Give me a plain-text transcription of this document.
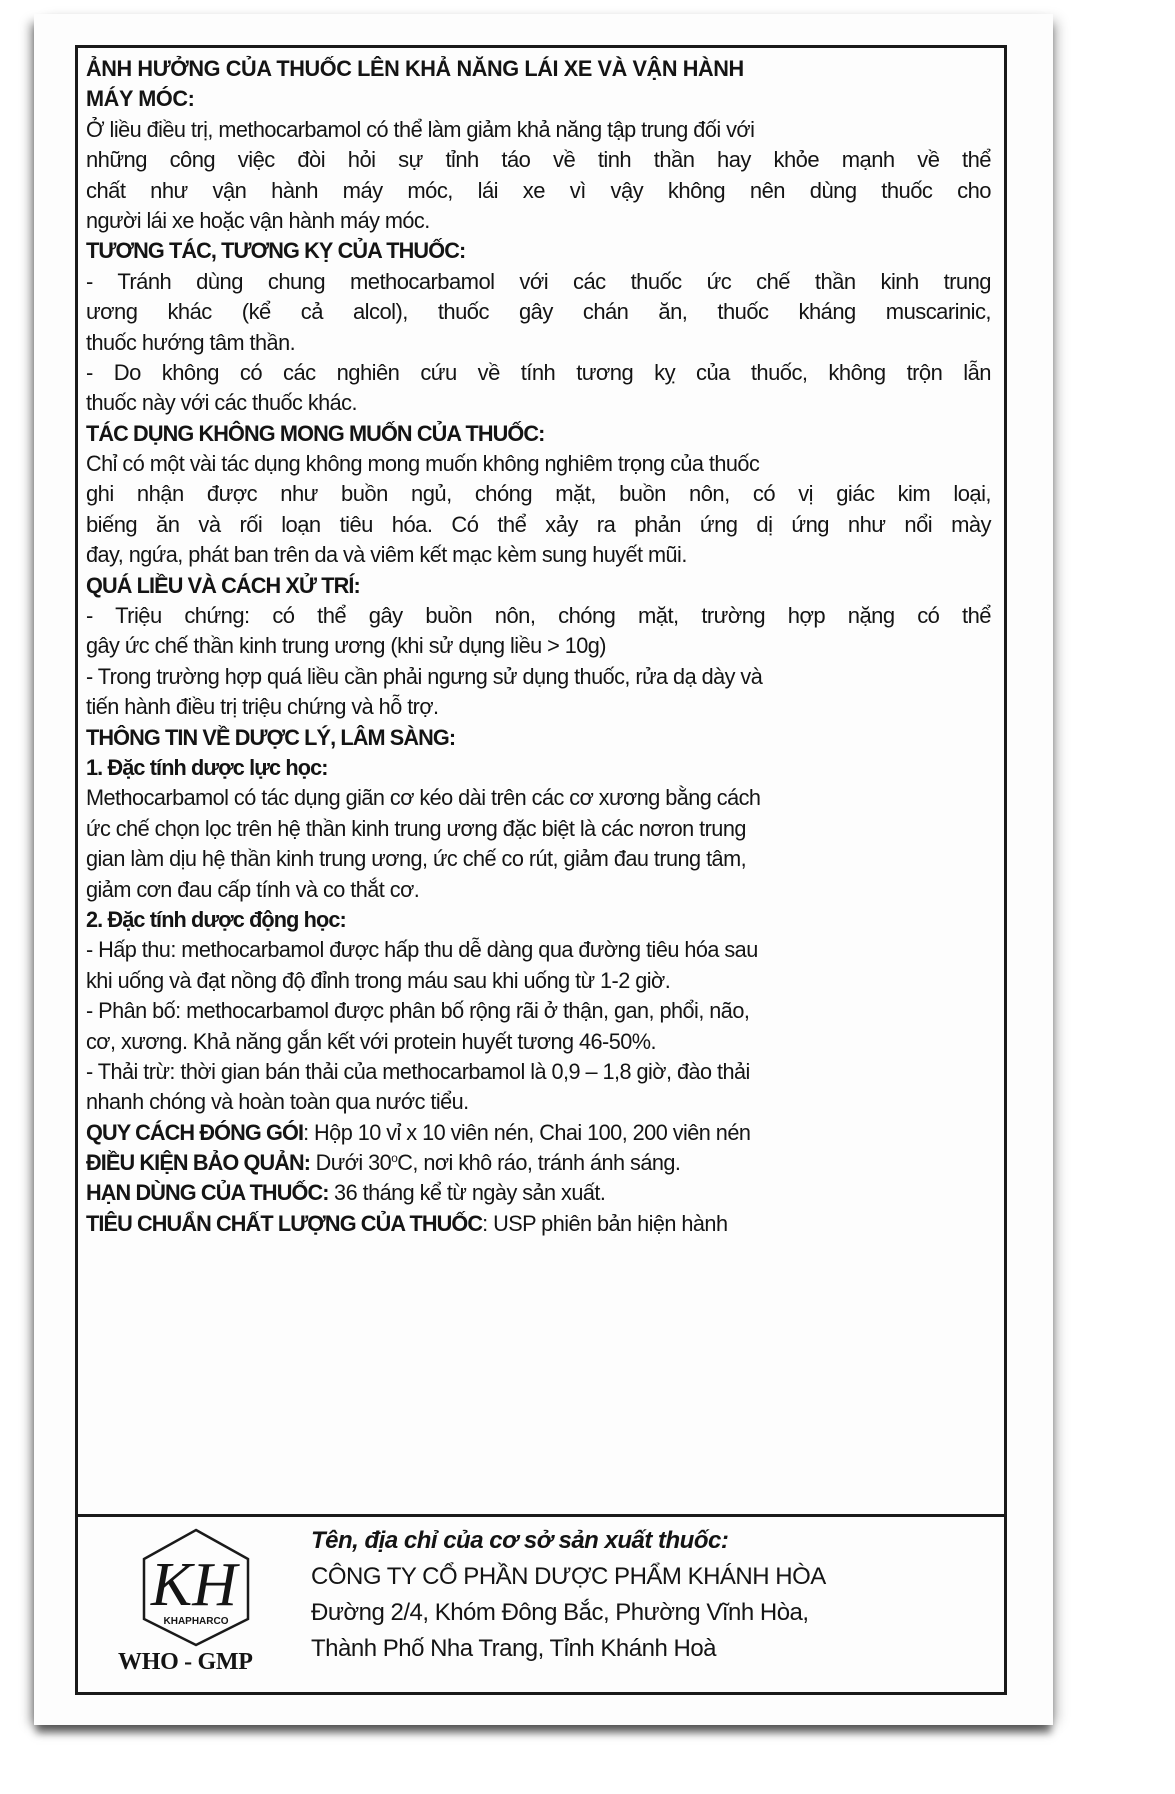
ẢNH HƯỞNG CỦA THUỐC LÊN KHẢ NĂNG LÁI XE VÀ VẬN HÀNH
MÁY MÓC:
Ở liều điều trị, methocarbamol có thể làm giảm khả năng tập trung đối với
những công việc đòi hỏi sự tỉnh táo về tinh thần hay khỏe mạnh về thể
chất như vận hành máy móc, lái xe vì vậy không nên dùng thuốc cho
người lái xe hoặc vận hành máy móc.
TƯƠNG TÁC, TƯƠNG KỴ CỦA THUỐC:
- Tránh dùng chung methocarbamol với các thuốc ức chế thần kinh trung
ương khác (kể cả alcol), thuốc gây chán ăn, thuốc kháng muscarinic,
thuốc hướng tâm thần.
- Do không có các nghiên cứu về tính tương kỵ của thuốc, không trộn lẫn
thuốc này với các thuốc khác.
TÁC DỤNG KHÔNG MONG MUỐN CỦA THUỐC:
Chỉ có một vài tác dụng không mong muốn không nghiêm trọng của thuốc
ghi nhận được như buồn ngủ, chóng mặt, buồn nôn, có vị giác kim loại,
biếng ăn và rối loạn tiêu hóa. Có thể xảy ra phản ứng dị ứng như nổi mày
đay, ngứa, phát ban trên da và viêm kết mạc kèm sung huyết mũi.
QUÁ LIỀU VÀ CÁCH XỬ TRÍ:
- Triệu chứng: có thể gây buồn nôn, chóng mặt, trường hợp nặng có thể
gây ức chế thần kinh trung ương (khi sử dụng liều > 10g)
- Trong trường hợp quá liều cần phải ngưng sử dụng thuốc, rửa dạ dày và
tiến hành điều trị triệu chứng và hỗ trợ.
THÔNG TIN VỀ DƯỢC LÝ, LÂM SÀNG:
1. Đặc tính dược lực học:
Methocarbamol có tác dụng giãn cơ kéo dài trên các cơ xương bằng cách
ức chế chọn lọc trên hệ thần kinh trung ương đặc biệt là các nơron trung
gian làm dịu hệ thần kinh trung ương, ức chế co rút, giảm đau trung tâm,
giảm cơn đau cấp tính và co thắt cơ.
2. Đặc tính dược động học:
- Hấp thu: methocarbamol được hấp thu dễ dàng qua đường tiêu hóa sau
khi uống và đạt nồng độ đỉnh trong máu sau khi uống từ 1-2 giờ.
- Phân bố: methocarbamol được phân bố rộng rãi ở thận, gan, phổi, não,
cơ, xương. Khả năng gắn kết với protein huyết tương 46-50%.
- Thải trừ: thời gian bán thải của methocarbamol là 0,9 – 1,8 giờ, đào thải
nhanh chóng và hoàn toàn qua nước tiểu.
QUY CÁCH ĐÓNG GÓI: Hộp 10 vỉ x 10 viên nén, Chai 100, 200 viên nén
ĐIỀU KIỆN BẢO QUẢN: Dưới 30$^o$C, nơi khô ráo, tránh ánh sáng.
HẠN DÙNG CỦA THUỐC: 36 tháng kể từ ngày sản xuất.
TIÊU CHUẨN CHẤT LƯỢNG CỦA THUỐC: USP phiên bản hiện hành
KH
KHAPHARCO
WHO - GMP
Tên, địa chỉ của cơ sở sản xuất thuốc:
CÔNG TY CỔ PHẦN DƯỢC PHẨM KHÁNH HÒA
Đường 2/4, Khóm Đông Bắc, Phường Vĩnh Hòa,
Thành Phố Nha Trang, Tỉnh Khánh Hoà
